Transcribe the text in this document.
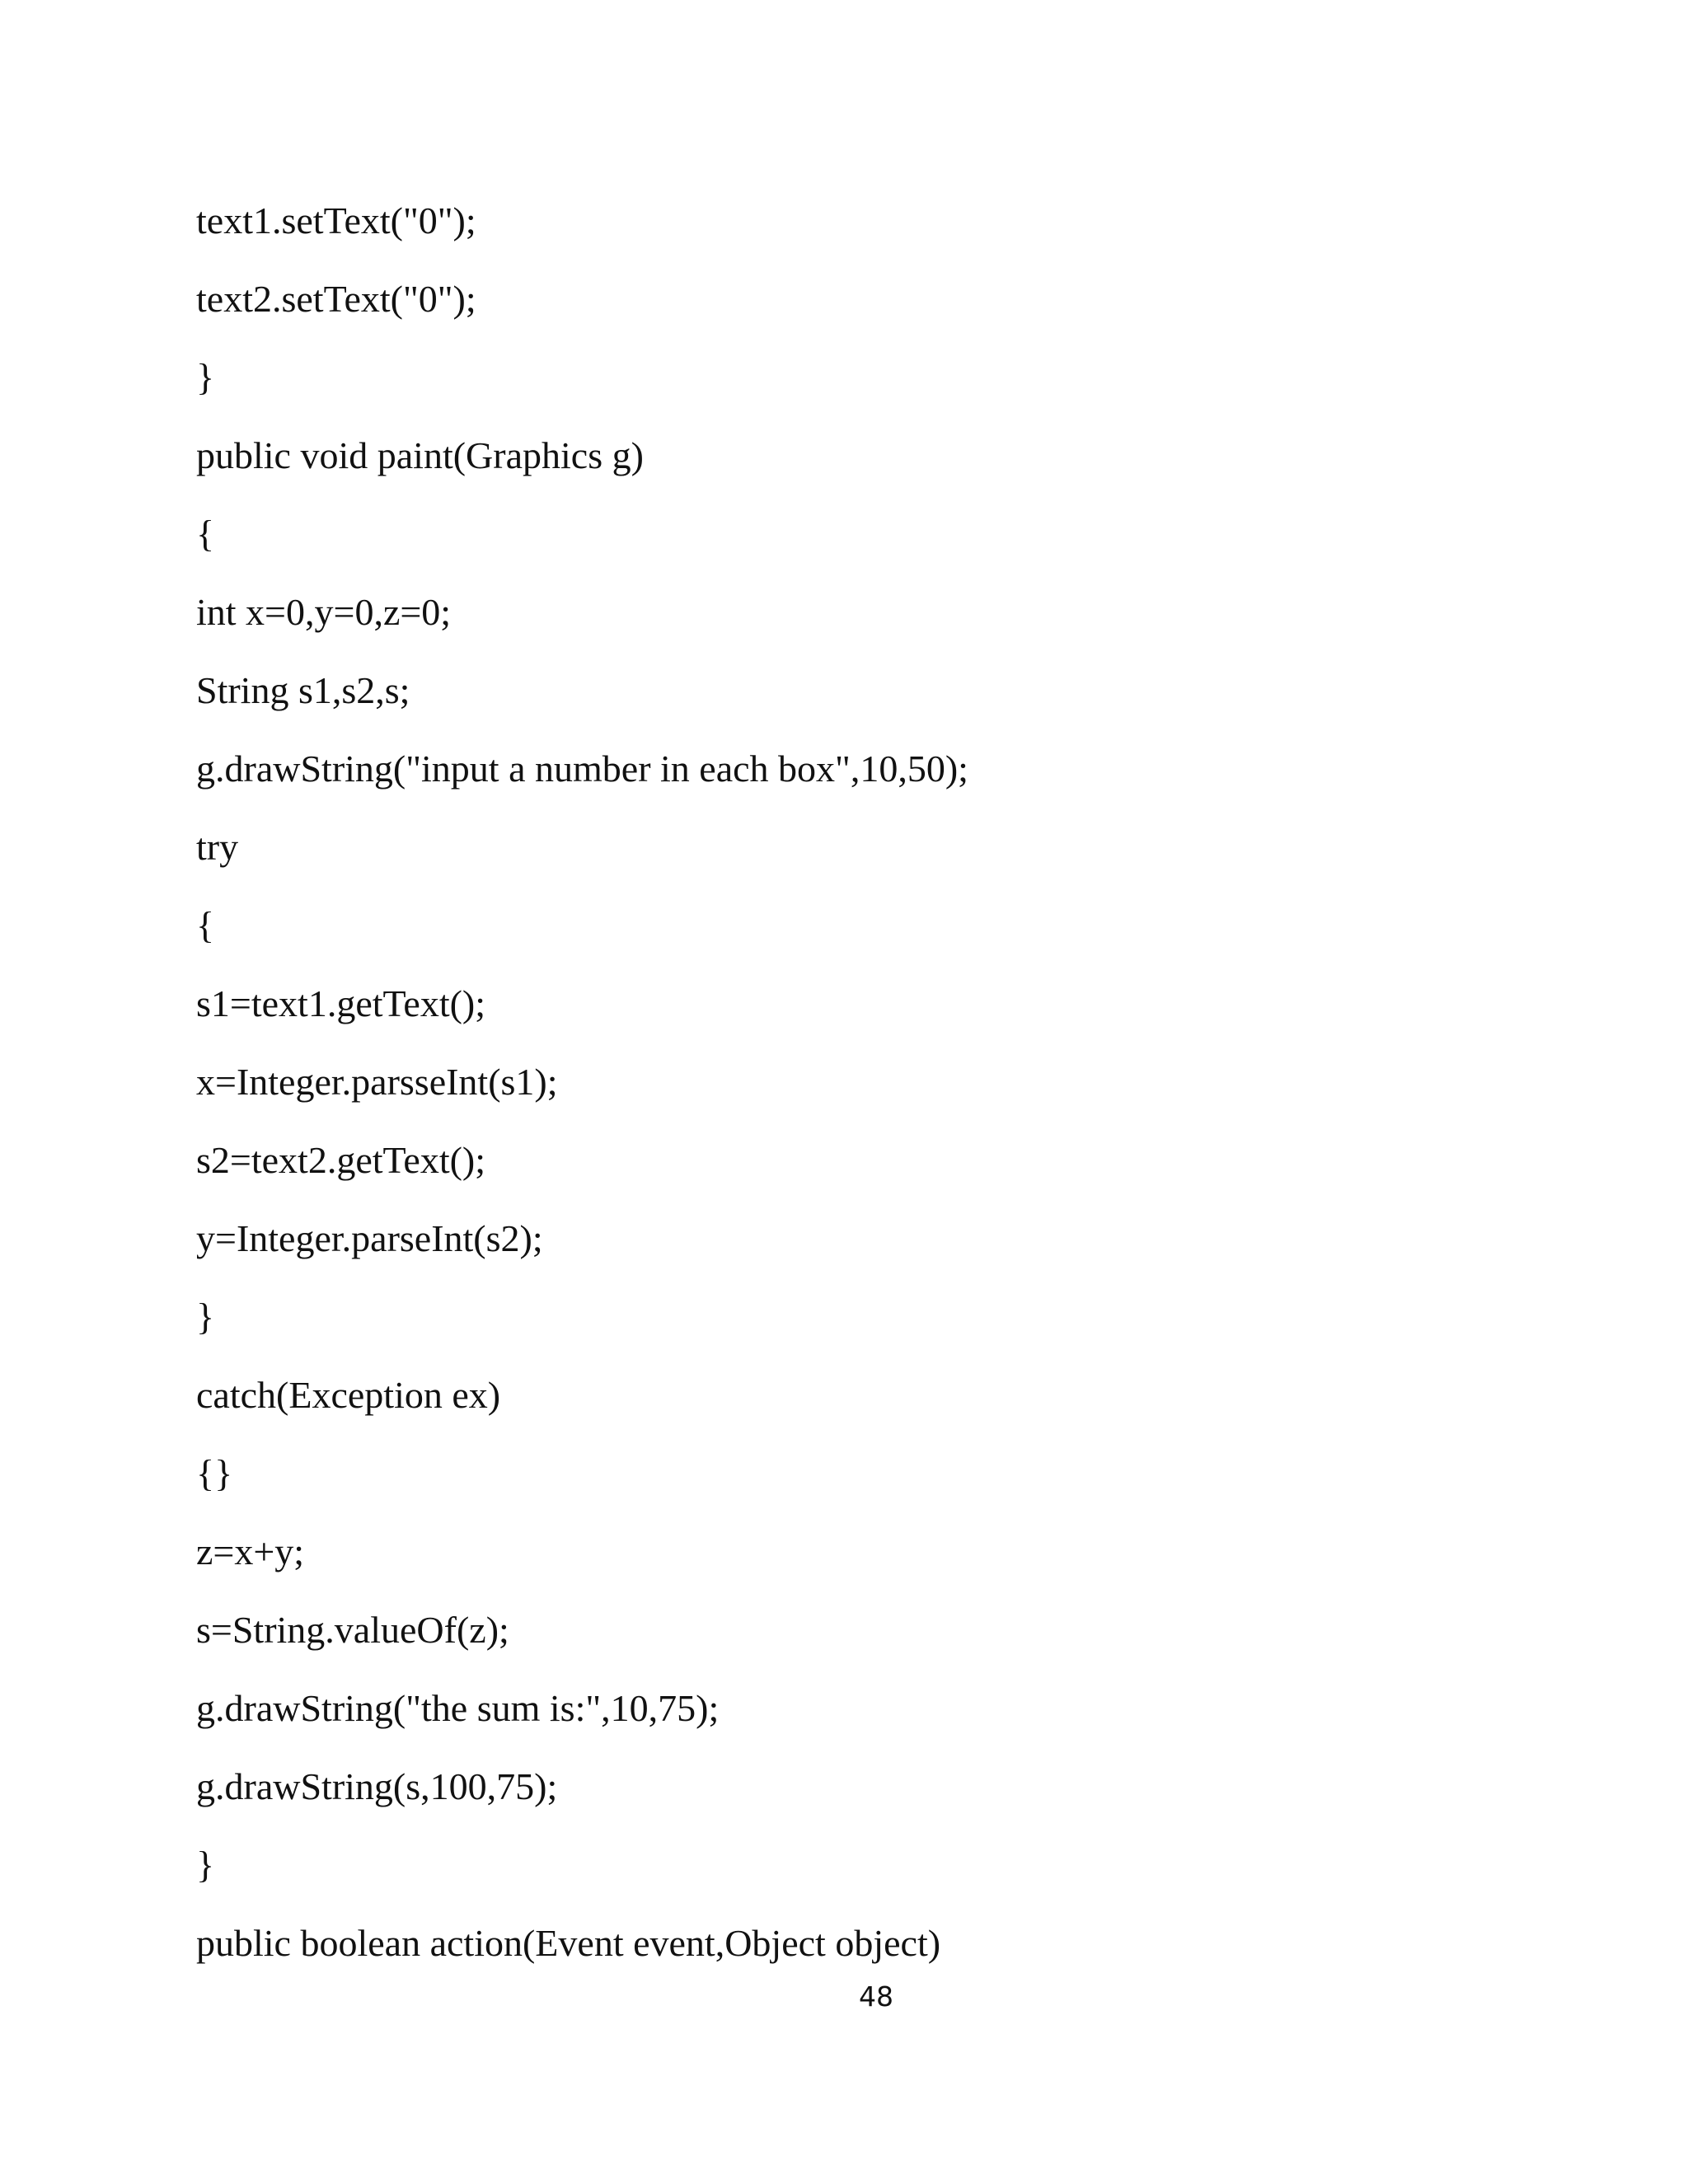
text1.setText("0");
text2.setText("0");
}
public void paint(Graphics g)
{
int x=0,y=0,z=0;
String s1,s2,s;
g.drawString("input a number in each box",10,50);
try
{
s1=text1.getText();
x=Integer.parsseInt(s1);
s2=text2.getText();
y=Integer.parseInt(s2);
}
catch(Exception ex)
{}
z=x+y;
s=String.valueOf(z);
g.drawString("the sum is:",10,75);
g.drawString(s,100,75);
}
public boolean action(Event event,Object object)
48
